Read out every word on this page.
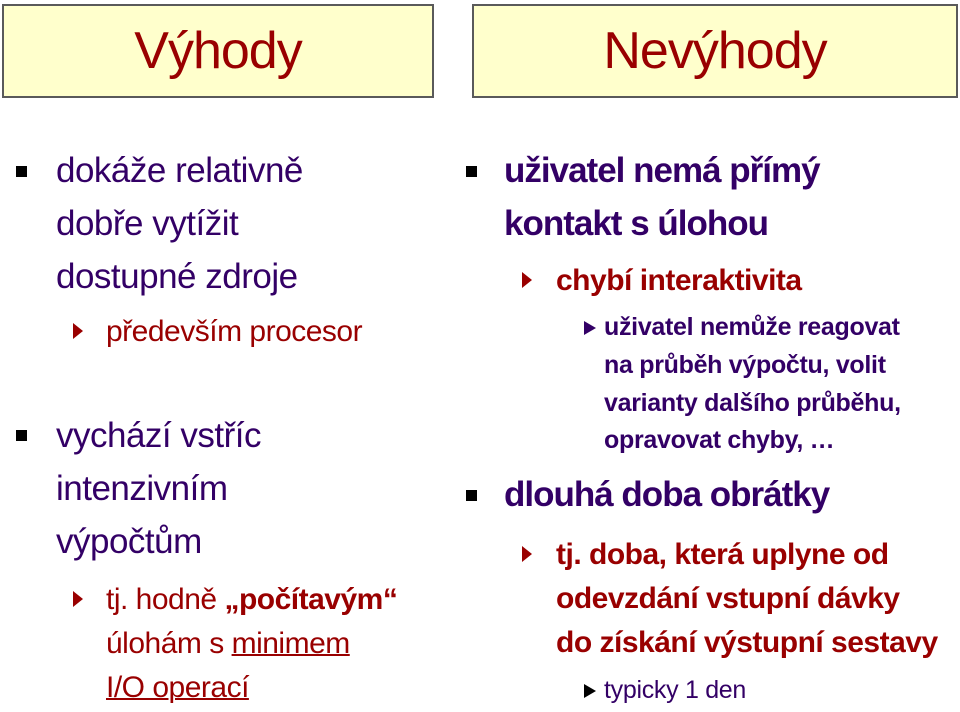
Výhody	Nevýhody
dokáže relativně
dobře vytížit
dostupné zdroje
především procesor
vychází vstříc
intenzivním
výpočtům
tj. hodně „počítavým“
úlohám s minimem
I/O operací
uživatel nemá přímý
kontakt s úlohou
chybí interaktivita
uživatel nemůže reagovat
na průběh výpočtu, volit
varianty dalšího průběhu,
opravovat chyby, …
dlouhá doba obrátky
tj. doba, která uplyne od
odevzdání vstupní dávky
do získání výstupní sestavy
typicky 1 den
